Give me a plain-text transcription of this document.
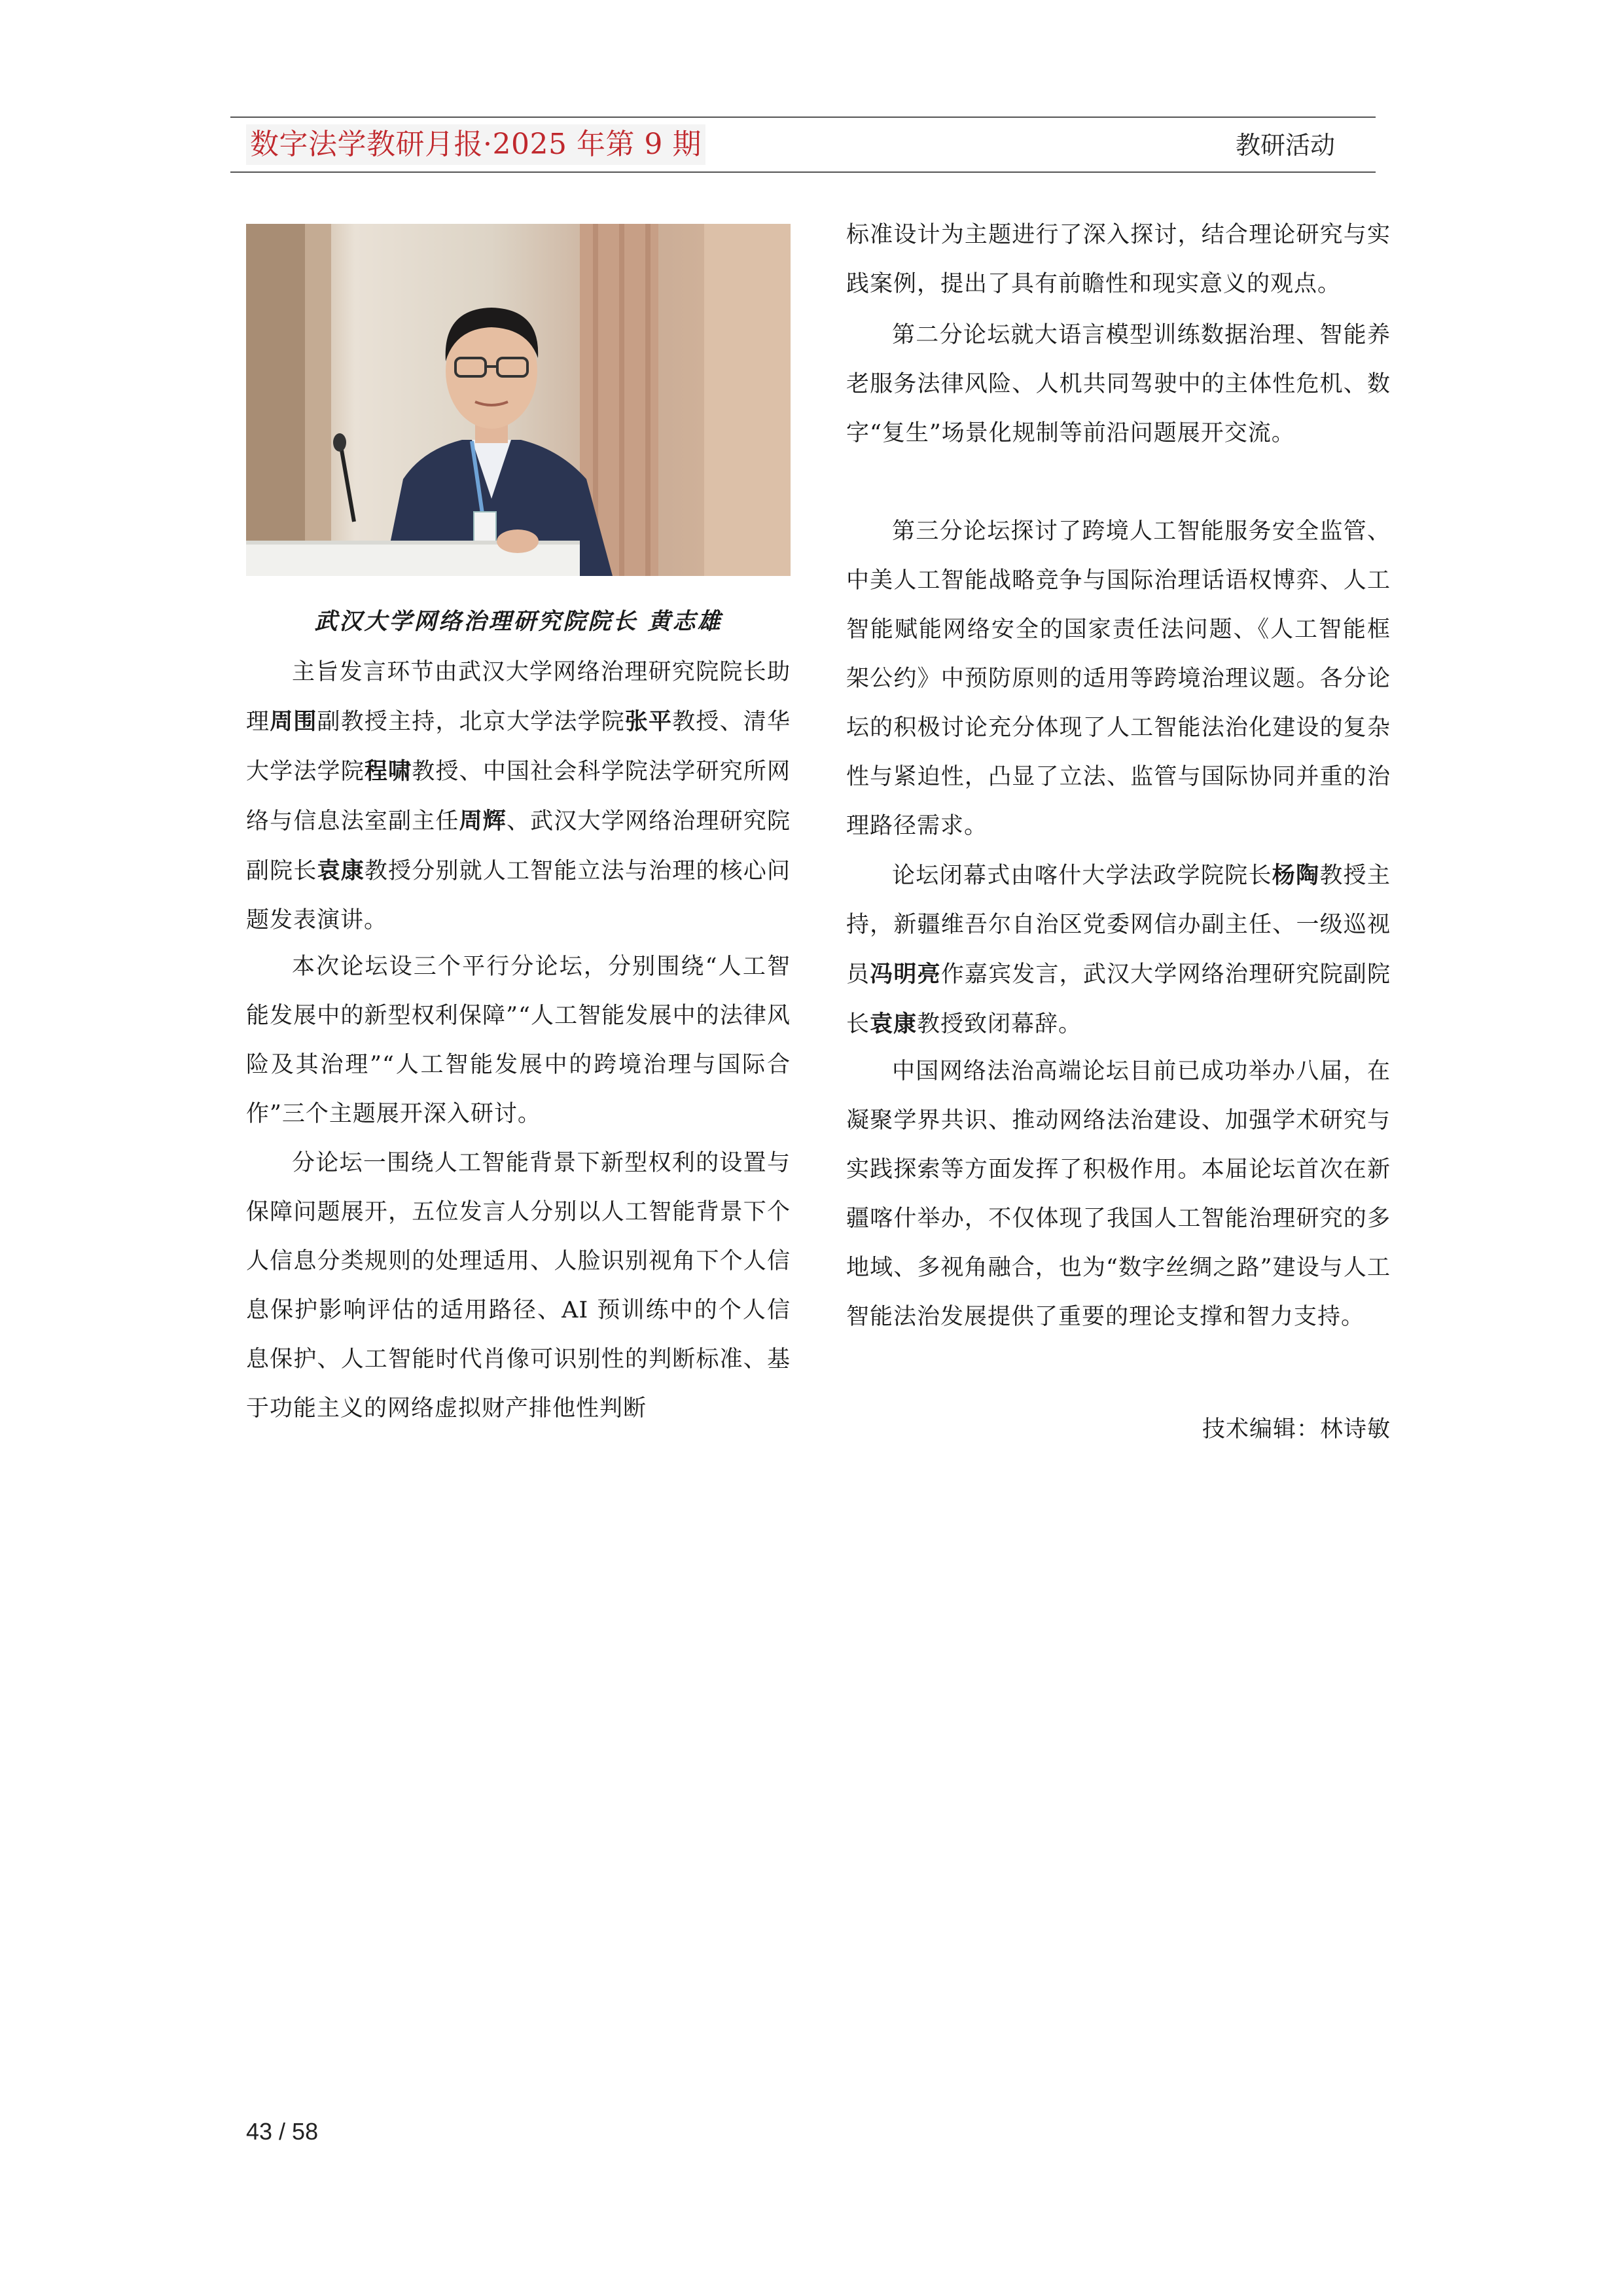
数字法学教研月报·2025 年第 9 期	教研活动
武汉大学网络治理研究院院长 黄志雄

主旨发言环节由武汉大学网络治理研究院院长助理周围副教授主持，北京大学法学院张平教授、清华大学法学院程啸教授、中国社会科学院法学研究所网络与信息法室副主任周辉、武汉大学网络治理研究院副院长袁康教授分别就人工智能立法与治理的核心问题发表演讲。

本次论坛设三个平行分论坛，分别围绕“人工智能发展中的新型权利保障”“人工智能发展中的法律风险及其治理”“人工智能发展中的跨境治理与国际合作”三个主题展开深入研讨。

分论坛一围绕人工智能背景下新型权利的设置与保障问题展开，五位发言人分别以人工智能背景下个人信息分类规则的处理适用、人脸识别视角下个人信息保护影响评估的适用路径、AI 预训练中的个人信息保护、人工智能时代肖像可识别性的判断标准、基于功能主义的网络虚拟财产排他性判断

标准设计为主题进行了深入探讨，结合理论研究与实践案例，提出了具有前瞻性和现实意义的观点。

第二分论坛就大语言模型训练数据治理、智能养老服务法律风险、人机共同驾驶中的主体性危机、数字“复生”场景化规制等前沿问题展开交流。

第三分论坛探讨了跨境人工智能服务安全监管、中美人工智能战略竞争与国际治理话语权博弈、人工智能赋能网络安全的国家责任法问题、《人工智能框架公约》中预防原则的适用等跨境治理议题。各分论坛的积极讨论充分体现了人工智能法治化建设的复杂性与紧迫性，凸显了立法、监管与国际协同并重的治理路径需求。

论坛闭幕式由喀什大学法政学院院长杨陶教授主持，新疆维吾尔自治区党委网信办副主任、一级巡视员冯明亮作嘉宾发言，武汉大学网络治理研究院副院长袁康教授致闭幕辞。

中国网络法治高端论坛目前已成功举办八届，在凝聚学界共识、推动网络法治建设、加强学术研究与实践探索等方面发挥了积极作用。本届论坛首次在新疆喀什举办，不仅体现了我国人工智能治理研究的多地域、多视角融合，也为“数字丝绸之路”建设与人工智能法治发展提供了重要的理论支撑和智力支持。

技术编辑：林诗敏
43 / 58
